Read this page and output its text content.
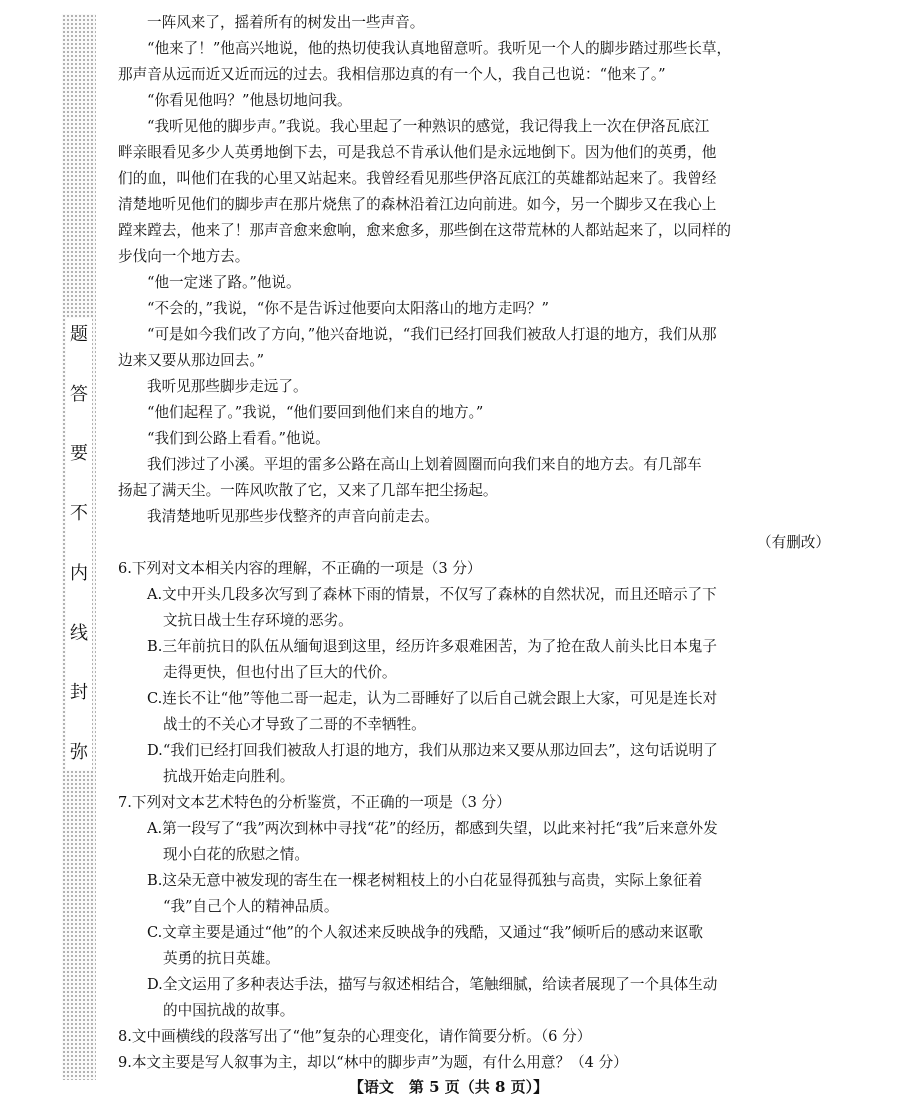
题
答
要
不
内
线
封
弥
一阵风来了，摇着所有的树发出一些声音。
“他来了！”他高兴地说，他的热切使我认真地留意听。我听见一个人的脚步踏过那些长草，
那声音从远而近又近而远的过去。我相信那边真的有一个人，我自己也说：“他来了。”
“你看见他吗？”他恳切地问我。
“我听见他的脚步声。”我说。我心里起了一种熟识的感觉，我记得我上一次在伊洛瓦底江
畔亲眼看见多少人英勇地倒下去，可是我总不肯承认他们是永远地倒下。因为他们的英勇，他
们的血，叫他们在我的心里又站起来。我曾经看见那些伊洛瓦底江的英雄都站起来了。我曾经
清楚地听见他们的脚步声在那片烧焦了的森林沿着江边向前进。如今，另一个脚步又在我心上
蹚来蹚去，他来了！那声音愈来愈响，愈来愈多，那些倒在这带荒林的人都站起来了，以同样的
步伐向一个地方去。
“他一定迷了路。”他说。
“不会的，”我说，“你不是告诉过他要向太阳落山的地方走吗？”
“可是如今我们改了方向，”他兴奋地说，“我们已经打回我们被敌人打退的地方，我们从那
边来又要从那边回去。”
我听见那些脚步走远了。
“他们起程了。”我说，“他们要回到他们来自的地方。”
“我们到公路上看看。”他说。
我们涉过了小溪。平坦的雷多公路在高山上划着圆圈而向我们来自的地方去。有几部车
扬起了满天尘。一阵风吹散了它，又来了几部车把尘扬起。
我清楚地听见那些步伐整齐的声音向前走去。
（有删改）
6.下列对文本相关内容的理解，不正确的一项是（3 分）
A.文中开头几段多次写到了森林下雨的情景，不仅写了森林的自然状况，而且还暗示了下
文抗日战士生存环境的恶劣。
B.三年前抗日的队伍从缅甸退到这里，经历许多艰难困苦，为了抢在敌人前头比日本鬼子
走得更快，但也付出了巨大的代价。
C.连长不让“他”等他二哥一起走，认为二哥睡好了以后自己就会跟上大家，可见是连长对
战士的不关心才导致了二哥的不幸牺牲。
D.“我们已经打回我们被敌人打退的地方，我们从那边来又要从那边回去”，这句话说明了
抗战开始走向胜利。
7.下列对文本艺术特色的分析鉴赏，不正确的一项是（3 分）
A.第一段写了“我”两次到林中寻找“花”的经历，都感到失望，以此来衬托“我”后来意外发
现小白花的欣慰之情。
B.这朵无意中被发现的寄生在一棵老树粗枝上的小白花显得孤独与高贵，实际上象征着
“我”自己个人的精神品质。
C.文章主要是通过“他”的个人叙述来反映战争的残酷，又通过“我”倾听后的感动来讴歌
英勇的抗日英雄。
D.全文运用了多种表达手法，描写与叙述相结合，笔触细腻，给读者展现了一个具体生动
的中国抗战的故事。
8.文中画横线的段落写出了“他”复杂的心理变化，请作简要分析。（6 分）
9.本文主要是写人叙事为主，却以“林中的脚步声”为题，有什么用意？（4 分）
【语文　第 5 页（共 8 页）】
